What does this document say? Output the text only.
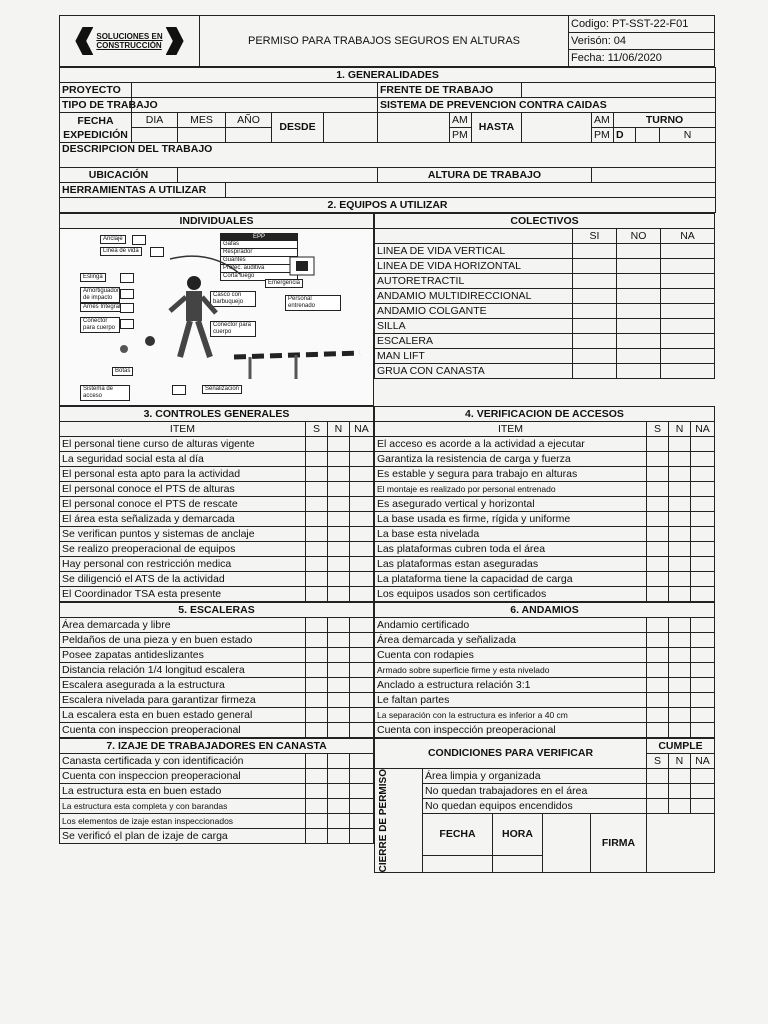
SOLUCIONES EN
CONSTRUCCIÓN	PERMISO PARA TRABAJOS SEGUROS EN ALTURAS	Codigo: PT-SST-22-F01
Verisón: 04
Fecha: 11/06/2020
1. GENERALIDADES													
PROYECTO						FRENTE DE TRABAJO							
TIPO DE TRABAJO						SISTEMA DE PREVENCION CONTRA CAIDAS							
FECHA EXPEDICIÓN	DIA	MES	AÑO	DESDE			AM	HASTA		AM	TURNO		
							PM			PM	D		N
DESCRIPCION DEL TRABAJO													
UBICACIÓN						ALTURA DE TRABAJO							
HERRAMIENTAS A UTILIZAR													
2. EQUIPOS A UTILIZAR													
INDIVIDUALES
Anclaje
Linea de vida
EPP
Gafas
Respirador
Guantes
Protec. auditiva
Corta fuego
Eslinga
Amortiguador de impacto
Arnés Integral
Conector para cuerpo
Emergencia
Casco con barbuquejo	Personal entrenado
Conector para cuerpo
Botas
Sistema de acceso
Señalizacion
COLECTIVOS			
	SI	NO	NA
LINEA DE VIDA VERTICAL			
LINEA DE VIDA HORIZONTAL			
AUTORETRACTIL			
ANDAMIO MULTIDIRECCIONAL			
ANDAMIO COLGANTE			
SILLA			
ESCALERA			
MAN LIFT			
GRUA CON CANASTA			
3. CONTROLES GENERALES			
ITEM	S	N	NA
El personal tiene curso de alturas vigente			
La seguridad social esta al día			
El personal esta apto para la actividad			
El personal conoce el PTS de alturas			
El personal conoce el PTS de rescate			
El área esta señalizada y demarcada			
Se verifican puntos y sistemas de anclaje			
Se realizo preoperacional de equipos			
Hay personal con restricción medica			
Se diligenció el ATS de la actividad			
El Coordinador TSA esta presente			
4. VERIFICACION DE ACCESOS			
ITEM	S	N	NA
El acceso es acorde a la actividad a ejecutar			
Garantiza la resistencia de carga y fuerza			
Es estable y segura para trabajo en alturas			
El montaje es realizado por personal entrenado			
Es asegurado vertical y horizontal			
La base usada es firme, rígida y uniforme			
La base esta nivelada			
Las plataformas cubren toda el área			
Las plataformas estan aseguradas			
La plataforma tiene la capacidad de carga			
Los equipos usados son certificados			
5. ESCALERAS			
Área demarcada y libre			
Peldaños de una pieza y en buen estado			
Posee zapatas antideslizantes			
Distancia relación 1/4 longitud escalera			
Escalera asegurada a la estructura			
Escalera nivelada para garantizar firmeza			
La escalera esta en buen estado general			
Cuenta con inspeccion preoperacional			
6. ANDAMIOS			
Andamio certificado			
Área demarcada y señalizada			
Cuenta con rodapies			
Armado sobre superficie firme y esta nivelado			
Anclado a estructura relación 3:1			
Le faltan partes			
La separación con la estructura es inferior a 40 cm			
Cuenta con inspección preoperacional			
7. IZAJE DE TRABAJADORES EN CANASTA			
Canasta certificada y con identificación			
Cuenta con inspeccion preoperacional			
La estructura esta en buen estado			
La estructura esta completa y con barandas			
Los elementos de izaje estan inspeccionados			
Se verificó el plan de izaje de carga			
CONDICIONES PARA VERIFICAR					CUMPLE		
					S	N	NA

CIERRE DE PERMISO	Área limpia y organizada						
	No quedan trabajadores en el área						
	No quedan equipos encendidos						
	FECHA	HORA		FIRMA			
